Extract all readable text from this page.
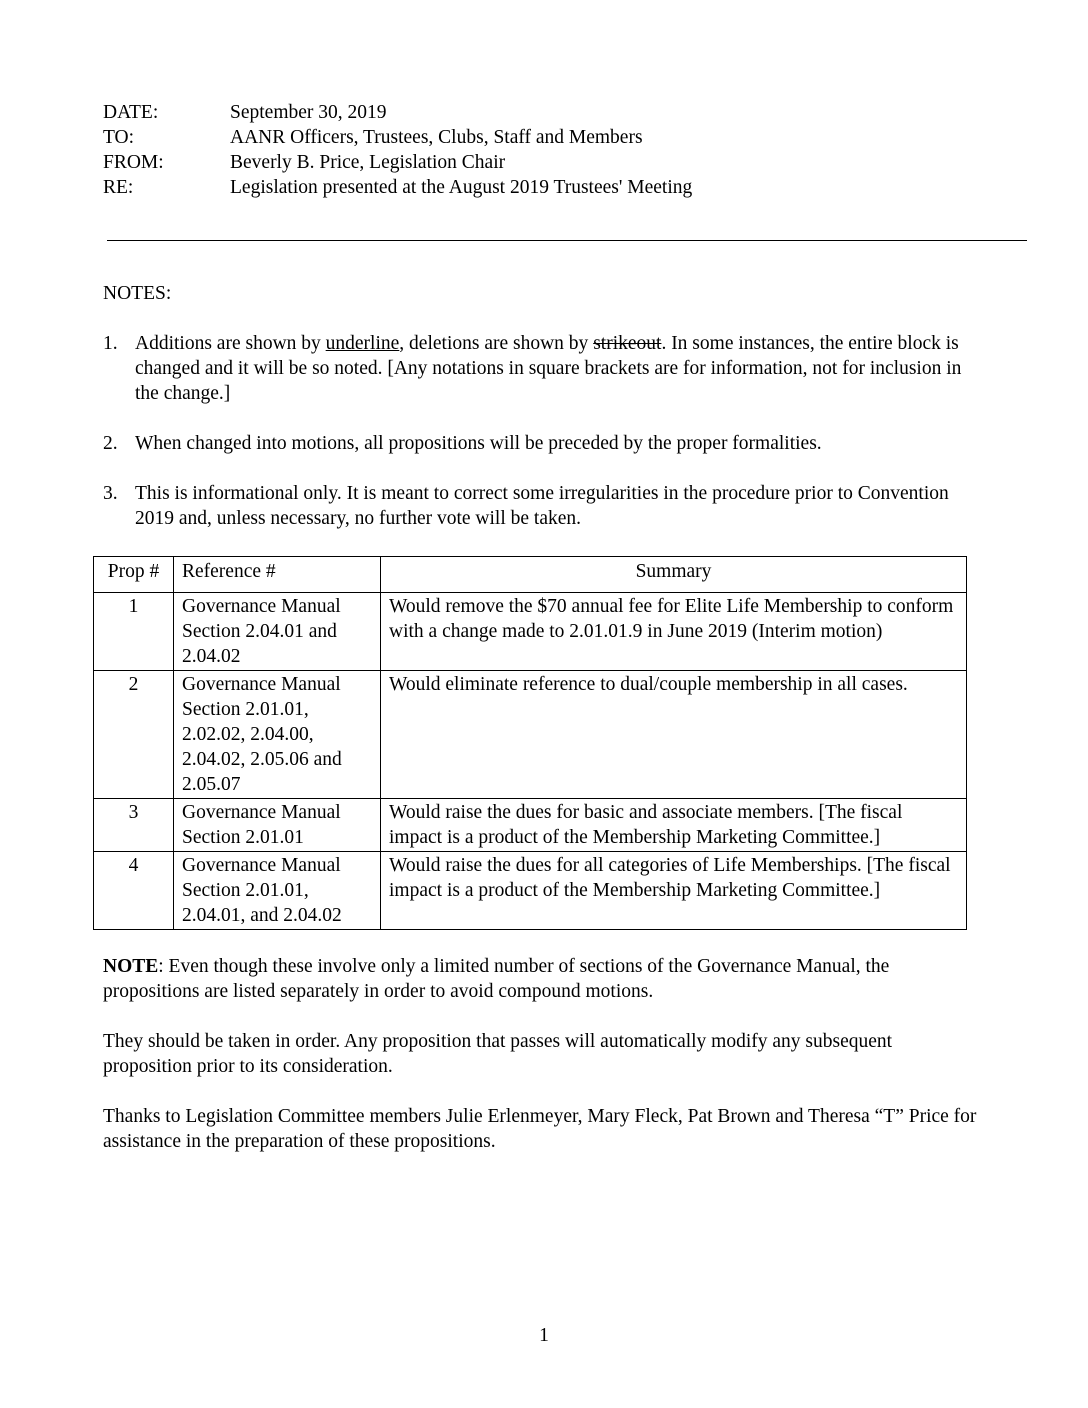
DATE:	September 30, 2019
TO:	AANR Officers, Trustees, Clubs, Staff and Members
FROM:	Beverly B. Price, Legislation Chair
RE:	Legislation presented at the August 2019 Trustees' Meeting
NOTES:
1. Additions are shown by underline, deletions are shown by strikeout. In some instances, the entire block is changed and it will be so noted. [Any notations in square brackets are for information, not for inclusion in the change.]
2. When changed into motions, all propositions will be preceded by the proper formalities.
3. This is informational only. It is meant to correct some irregularities in the procedure prior to Convention 2019 and, unless necessary, no further vote will be taken.
Prop #	Reference #	Summary
1	Governance Manual Section 2.04.01 and 2.04.02	Would remove the $70 annual fee for Elite Life Membership to conform with a change made to 2.01.01.9 in June 2019 (Interim motion)
2	Governance Manual Section 2.01.01, 2.02.02, 2.04.00, 2.04.02, 2.05.06 and 2.05.07	Would eliminate reference to dual/couple membership in all cases.
3	Governance Manual Section 2.01.01	Would raise the dues for basic and associate members. [The fiscal impact is a product of the Membership Marketing Committee.]
4	Governance Manual Section 2.01.01, 2.04.01, and 2.04.02	Would raise the dues for all categories of Life Memberships. [The fiscal impact is a product of the Membership Marketing Committee.]
NOTE: Even though these involve only a limited number of sections of the Governance Manual, the propositions are listed separately in order to avoid compound motions.
They should be taken in order. Any proposition that passes will automatically modify any subsequent proposition prior to its consideration.
Thanks to Legislation Committee members Julie Erlenmeyer, Mary Fleck, Pat Brown and Theresa “T” Price for assistance in the preparation of these propositions.
1
